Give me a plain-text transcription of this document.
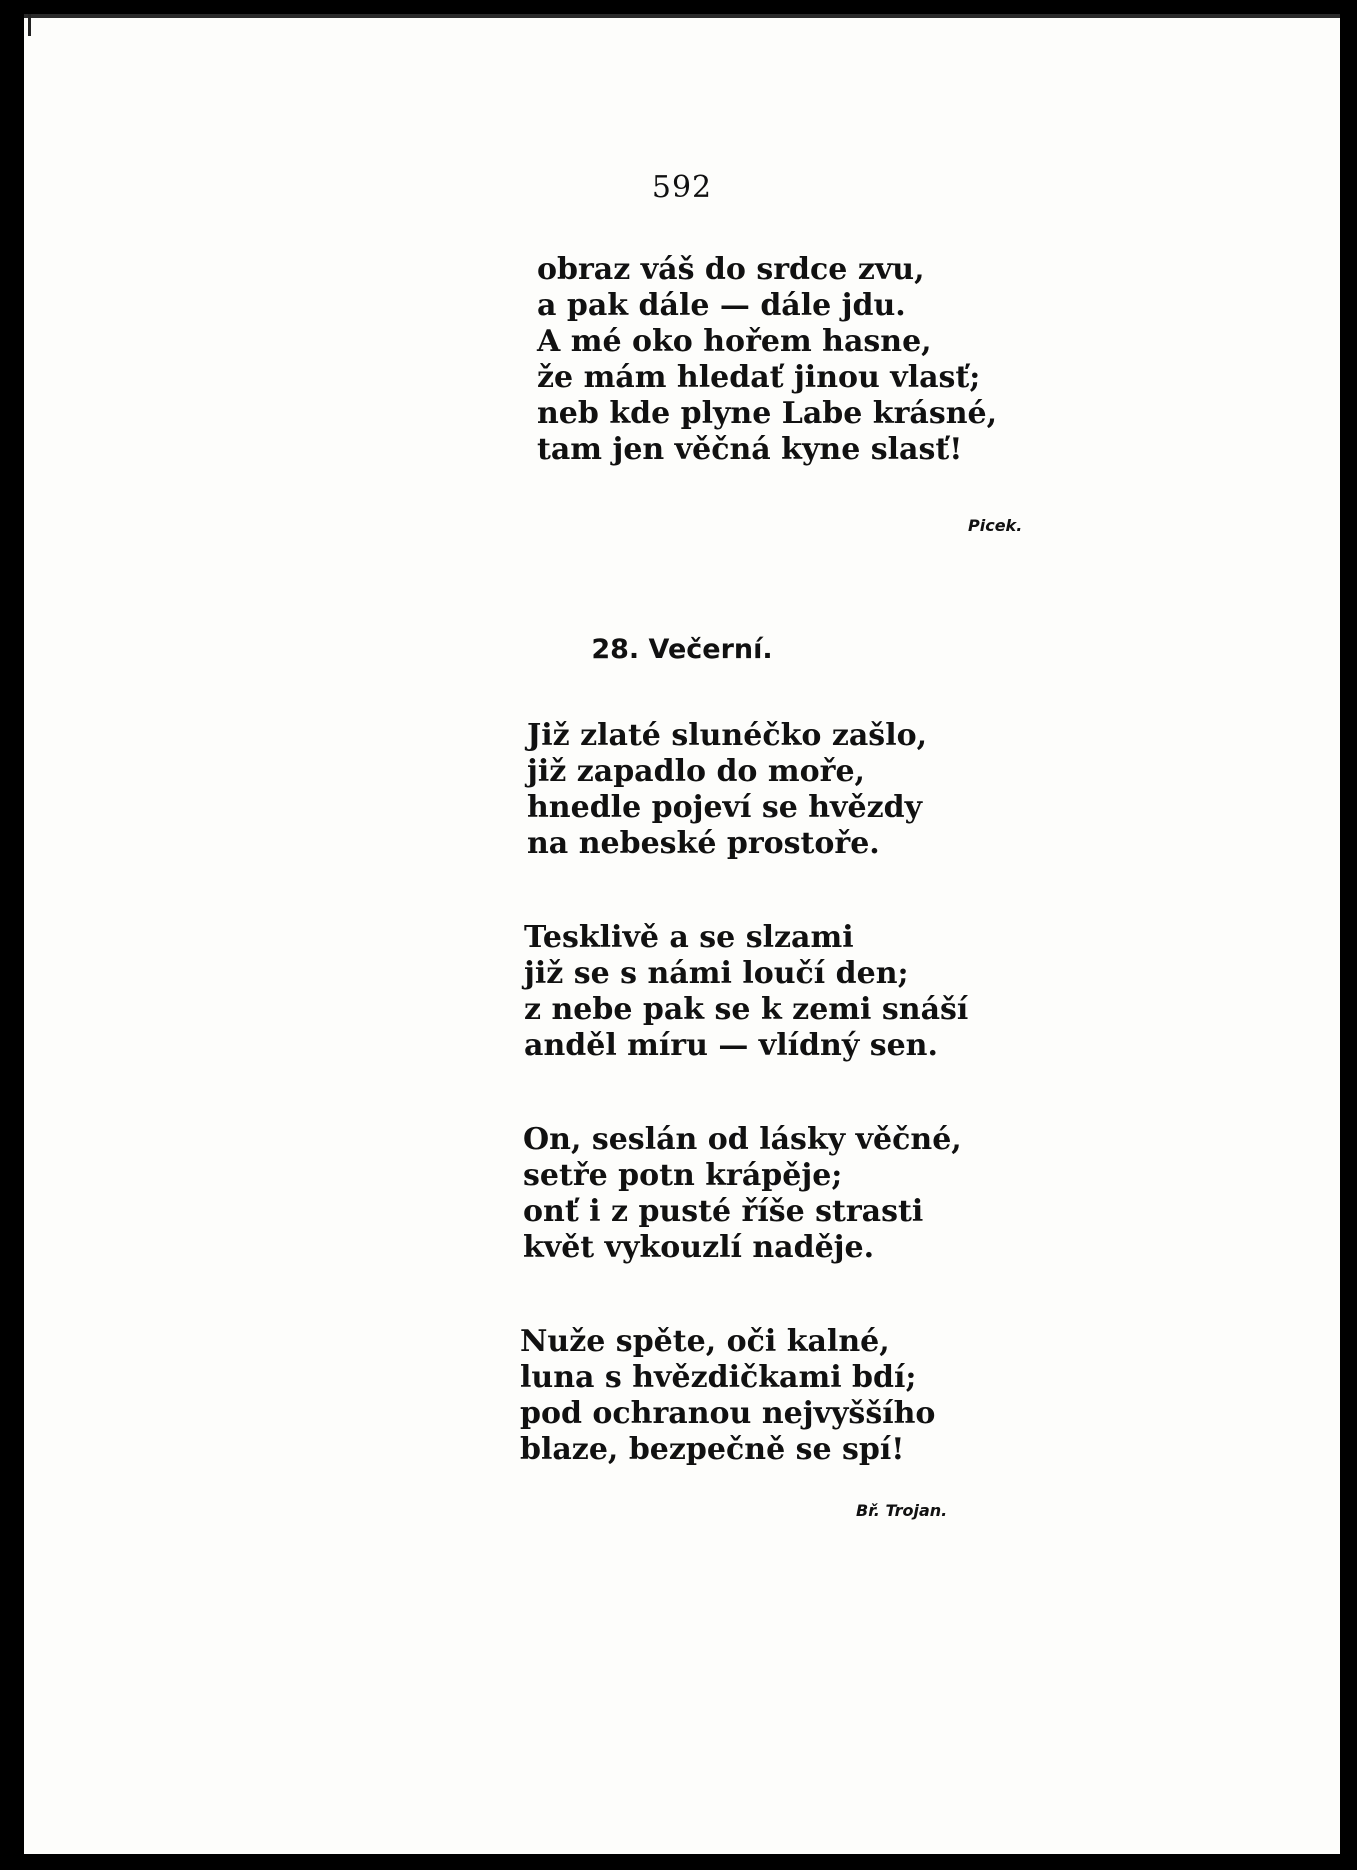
592
obraz váš do srdce zvu,
a pak dále — dále jdu.
A mé oko hořem hasne,
že mám hledať jinou vlasť;
neb kde plyne Labe krásné,
tam jen věčná kyne slasť!
Picek.
28. Večerní.
Již zlaté slunéčko zašlo,
již zapadlo do moře,
hnedle pojeví se hvězdy
na nebeské prostoře.
Tesklivě a se slzami
již se s námi loučí den;
z nebe pak se k zemi snáší
anděl míru — vlídný sen.
On, seslán od lásky věčné,
setře potn krápěje;
onť i z pusté říše strasti
květ vykouzlí naděje.
Nuže spěte, oči kalné,
luna s hvězdičkami bdí;
pod ochranou nejvyššího
blaze, bezpečně se spí!
Bř. Trojan.
